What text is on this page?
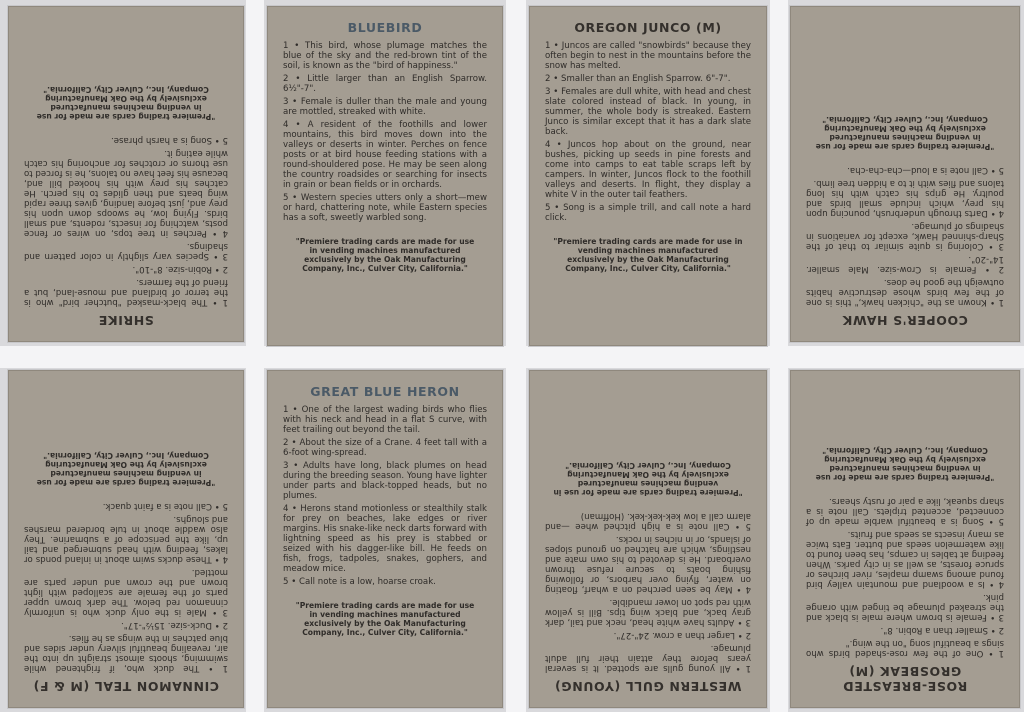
SHRIKE

1 • The black-masked "butcher bird" who is the terror of birdland and mouse-land, but a friend of the farmers.

2 • Robin-size. 8"-10".

3 • Species vary slightly in color pattern and shadings.

4 • Perches in tree tops, on wires or fence posts, watching for insects, rodents, and small birds. Flying low, he swoops down upon his prey and, just before landing, gives three rapid wing beats and then glides to his perch. He catches his prey with his hooked bill and, because his feet have no talons, he is forced to use thorns or crotches for anchoring his catch while eating it.

5 • Song is a harsh phrase.

"Premiere trading cards are made for use in vending machines manufactured exclusively by the Oak Manufacturing Company, Inc., Culver City, California."
BLUEBIRD

1 • This bird, whose plumage matches the blue of the sky and the red-brown tint of the soil, is known as the "bird of happiness."

2 • Little larger than an English Sparrow. 6½"-7".

3 • Female is duller than the male and young are mottled, streaked with white.

4 • A resident of the foothills and lower mountains, this bird moves down into the valleys or deserts in winter. Perches on fence posts or at bird house feeding stations with a round-shouldered pose. He may be seen along the country roadsides or searching for insects in grain or bean fields or in orchards.

5 • Western species utters only a short—mew or hard, chattering note, while Eastern species has a soft, sweetly warbled song.

"Premiere trading cards are made for use in vending machines manufactured exclusively by the Oak Manufacturing Company, Inc., Culver City, California."
OREGON JUNCO (M)

1 • Juncos are called "snowbirds" because they often begin to nest in the mountains before the snow has melted.

2 • Smaller than an English Sparrow. 6"-7".

3 • Females are dull white, with head and chest slate colored instead of black. In young, in summer, the whole body is streaked. Eastern Junco is similar except that it has a dark slate back.

4 • Juncos hop about on the ground, near bushes, picking up seeds in pine forests and come into camps to eat table scraps left by campers. In winter, Juncos flock to the foothill valleys and deserts. In flight, they display a white V in the outer tail feathers.

5 • Song is a simple trill, and call note a hard click.

"Premiere trading cards are made for use in vending machines manufactured exclusively by the Oak Manufacturing Company, Inc., Culver City, California."
COOPER'S HAWK

1 • Known as the "chicken hawk," this is one of the few birds whose destructive habits outweigh the good he does.

2 • Female is Crow-size. Male smaller. 14"-20".

3 • Coloring is quite similar to that of the Sharp-shinned Hawk, except for variations in shadings of plumage.

4 • Darts through underbrush, pouncing upon his prey, which include small birds and poultry. He grips his catch with his long talons and flies with it to a hidden tree limb.

5 • Call note is a loud—cha-cha-cha.

"Premiere trading cards are made for use in vending machines manufactured exclusively by the Oak Manufacturing Company, Inc., Culver City, California."
CINNAMON TEAL (M & F)

1 • The duck who, if frightened while swimming, shoots almost straight up into the air, revealing beautiful silvery under sides and blue patches in the wings as he flies.

2 • Duck-size. 15½"-17".

3 • Male is the only duck who is uniformly cinnamon red below. The dark brown upper parts of the female are scalloped with light brown and the crown and under parts are mottled.

4 • These ducks swim about in inland ponds or lakes, feeding with head submerged and tail up, like the periscope of a submarine. They also waddle about in tule bordered marshes and sloughs.

5 • Call note is a faint quack.

"Premiere trading cards are made for use in vending machines manufactured exclusively by the Oak Manufacturing Company, Inc., Culver City, California."
GREAT BLUE HERON

1 • One of the largest wading birds who flies with his neck and head in a flat S curve, with feet trailing out beyond the tail.

2 • About the size of a Crane. 4 feet tall with a 6-foot wing-spread.

3 • Adults have long, black plumes on head during the breeding season. Young have lighter under parts and black-topped heads, but no plumes.

4 • Herons stand motionless or stealthily stalk for prey on beaches, lake edges or river margins. His snake-like neck darts forward with lightning speed as his prey is stabbed or seized with his dagger-like bill. He feeds on fish, frogs, tadpoles, snakes, gophers, and meadow mice.

5 • Call note is a low, hoarse croak.

"Premiere trading cards are made for use in vending machines manufactured exclusively by the Oak Manufacturing Company, Inc., Culver City, California."
WESTERN GULL (YOUNG)

1 • All young gulls are spotted. It is several years before they attain their full adult plumage.

2 • Larger than a crow. 24"-27".

3 • Adults have white head, neck and tail, dark gray back, and black wing tips. Bill is yellow with red spot on lower mandible.

4 • May be seen perched on a wharf, floating on water, flying over harbors, or following fishing boats to secure refuse thrown overboard. He is devoted to his own mate and nestlings, which are hatched on ground slopes of islands, or in niches in rocks.

5 • Call note is a high pitched whee —and alarm call a low kek-kek-kek. (Hoffman)

"Premiere trading cards are made for use in vending machines manufactured exclusively by the Oak Manufacturing Company, Inc., Culver City, California."
ROSE-BREASTED GROSBEAK (M)

1 • One of the few rose-shaded birds who sings a beautiful song "on the wing."

2 • Smaller than a Robin. 8".

3 • Female is brown where male is black and the streaked plumage be tinged with orange pink.

4 • Is a woodland and mountain valley bird found among swamp maples, river birches or spruce forests, as well as in city parks. When feeding at tables in camps, has been found to like watermelon seeds and butter. Eats twice as many insects as seeds and fruits.

5 • Song is a beautiful warble made up of connected, accented triplets. Call note is a sharp squeak, like a pair of rusty shears.

"Premiere trading cards are made for use in vending machines manufactured exclusively by the Oak Manufacturing Company, Inc., Culver City, California."
